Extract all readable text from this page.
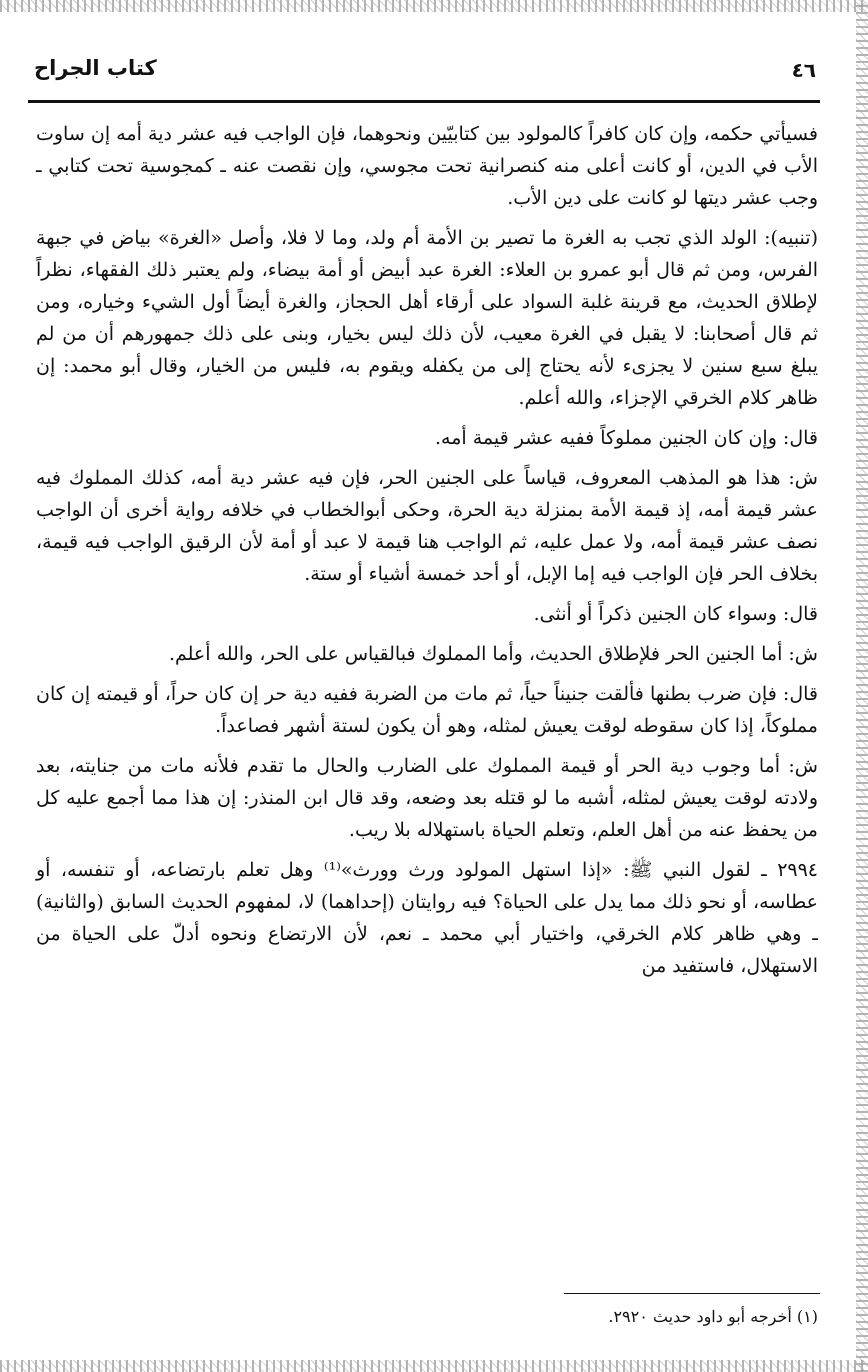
٤٦
كتاب الجراح

فسيأتي حكمه، وإن كان كافراً كالمولود بين كتابيّين ونحوهما، فإن الواجب فيه عشر دية أمه إن ساوت الأب في الدين، أو كانت أعلى منه كنصرانية تحت مجوسي، وإن نقصت عنه ـ كمجوسية تحت كتابي ـ وجب عشر ديتها لو كانت على دين الأب.

(تنبيه): الولد الذي تجب به الغرة ما تصير بن الأمة أم ولد، وما لا فلا، وأصل «الغرة» بياض في جبهة الفرس، ومن ثم قال أبو عمرو بن العلاء: الغرة عبد أبيض أو أمة بيضاء، ولم يعتبر ذلك الفقهاء، نظراً لإطلاق الحديث، مع قرينة غلبة السواد على أرقاء أهل الحجاز، والغرة أيضاً أول الشيء وخياره، ومن ثم قال أصحابنا: لا يقبل في الغرة معيب، لأن ذلك ليس بخيار، وبنى على ذلك جمهورهم أن من لم يبلغ سبع سنين لا يجزىء لأنه يحتاج إلى من يكفله ويقوم به، فليس من الخيار، وقال أبو محمد: إن ظاهر كلام الخرقي الإجزاء، والله أعلم.

قال: وإن كان الجنين مملوكاً ففيه عشر قيمة أمه.

ش: هذا هو المذهب المعروف، قياساً على الجنين الحر، فإن فيه عشر دية أمه، كذلك المملوك فيه عشر قيمة أمه، إذ قيمة الأمة بمنزلة دية الحرة، وحكى أبوالخطاب في خلافه رواية أخرى أن الواجب نصف عشر قيمة أمه، ولا عمل عليه، ثم الواجب هنا قيمة لا عبد أو أمة لأن الرقيق الواجب فيه قيمة، بخلاف الحر فإن الواجب فيه إما الإبل، أو أحد خمسة أشياء أو ستة.

قال: وسواء كان الجنين ذكراً أو أنثى.

ش: أما الجنين الحر فلإطلاق الحديث، وأما المملوك فبالقياس على الحر، والله أعلم.

قال: فإن ضرب بطنها فألقت جنيناً حياً، ثم مات من الضربة ففيه دية حر إن كان حراً، أو قيمته إن كان مملوكاً، إذا كان سقوطه لوقت يعيش لمثله، وهو أن يكون لستة أشهر فصاعداً.

ش: أما وجوب دية الحر أو قيمة المملوك على الضارب والحال ما تقدم فلأنه مات من جنايته، بعد ولادته لوقت يعيش لمثله، أشبه ما لو قتله بعد وضعه، وقد قال ابن المنذر: إن هذا مما أجمع عليه كل من يحفظ عنه من أهل العلم، وتعلم الحياة باستهلاله بلا ريب.

٢٩٩٤ ـ لقول النبي ﷺ: «إذا استهل المولود ورث وورث»⁽¹⁾ وهل تعلم بارتضاعه، أو تنفسه، أو عطاسه، أو نحو ذلك مما يدل على الحياة؟ فيه روايتان (إحداهما) لا، لمفهوم الحديث السابق (والثانية) ـ وهي ظاهر كلام الخرقي، واختيار أبي محمد ـ نعم، لأن الارتضاع ونحوه أدلّ على الحياة من الاستهلال، فاستفيد من

(١) أخرجه أبو داود حديث ٢٩٢٠.
